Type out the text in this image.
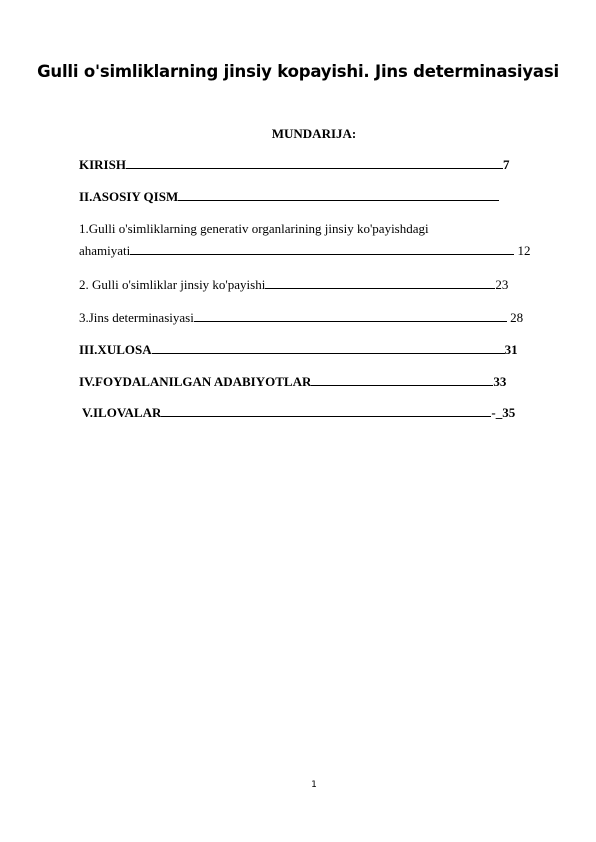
Gulli o'simliklarning jinsiy kopayishi. Jins determinasiyasi
MUNDARIJA:
KIRISH	7
II.ASOSIY QISM
1.Gulli o'simliklarning generativ organlarining jinsiy ko'payishdagi
ahamiyati	12
2. Gulli o'simliklar jinsiy ko'payishi	23
3.Jins determinasiyasi	28
III.XULOSA	31
IV.FOYDALANILGAN ADABIYOTLAR	33
V.ILOVALAR	-_35
1
